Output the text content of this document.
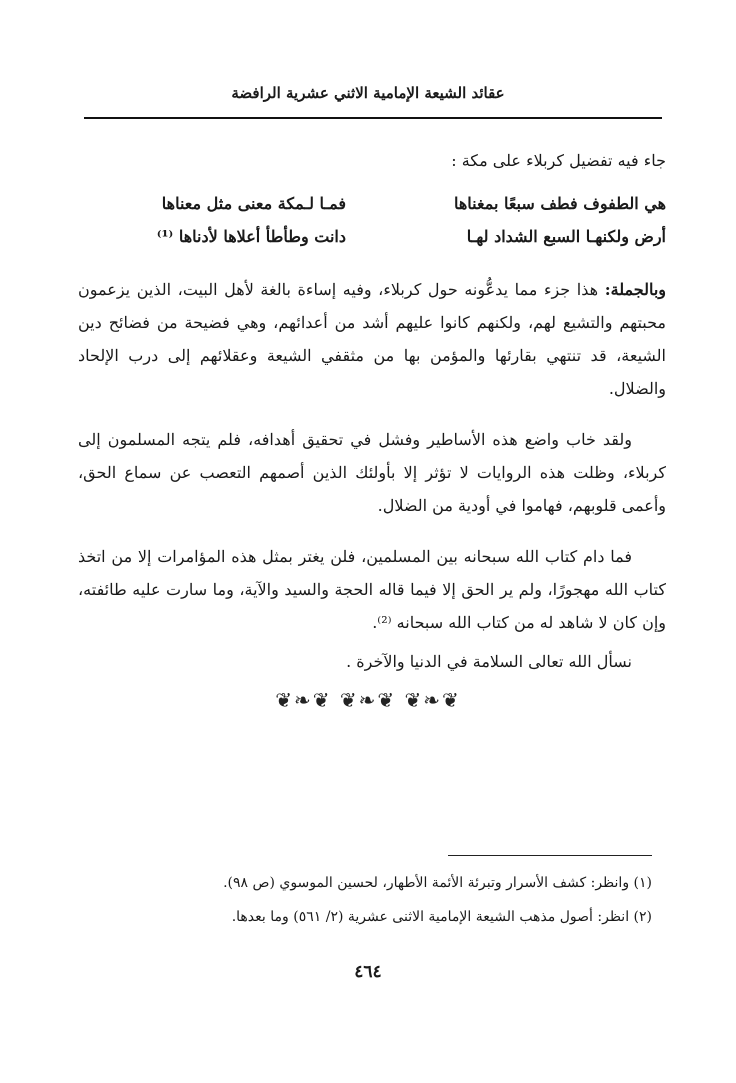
عقائد الشيعة الإمامية الاثني عشرية الرافضة

جاء فيه تفضيل كربلاء على مكة :

هي الطفوف فطف سبعًا بمغناها
فمـا لـمكة معنى مثل معناها
أرض ولكنهـا السبع الشداد لهـا
دانت وطأطأ أعلاها لأدناها ⁽¹⁾

وبالجملة: هذا جزء مما يدعُّونه حول كربلاء، وفيه إساءة بالغة لأهل البيت، الذين يزعمون محبتهم والتشيع لهم، ولكنهم كانوا عليهم أشد من أعدائهم، وهي فضيحة من فضائح دين الشيعة، قد تنتهي بقارئها والمؤمن بها من مثقفي الشيعة وعقلائهم إلى درب الإلحاد والضلال.

ولقد خاب واضع هذه الأساطير وفشل في تحقيق أهدافه، فلم يتجه المسلمون إلى كربلاء، وظلت هذه الروايات لا تؤثر إلا بأولئك الذين أصمهم التعصب عن سماع الحق، وأعمى قلوبهم، فهاموا في أودية من الضلال.

فما دام كتاب الله سبحانه بين المسلمين، فلن يغتر بمثل هذه المؤامرات إلا من اتخذ كتاب الله مهجورًا، ولم ير الحق إلا فيما قاله الحجة والسيد والآية، وما سارت عليه طائفته، وإن كان لا شاهد له من كتاب الله سبحانه ⁽²⁾.

نسأل الله تعالى السلامة في الدنيا والآخرة .

❦❧❦ ❦❧❦ ❦❧❦

(١) وانظر: كشف الأسرار وتبرئة الأئمة الأطهار، لحسين الموسوي (ص ٩٨).

(٢) انظر: أصول مذهب الشيعة الإمامية الاثنى عشرية (٢/ ٥٦١) وما بعدها.

٤٦٤
